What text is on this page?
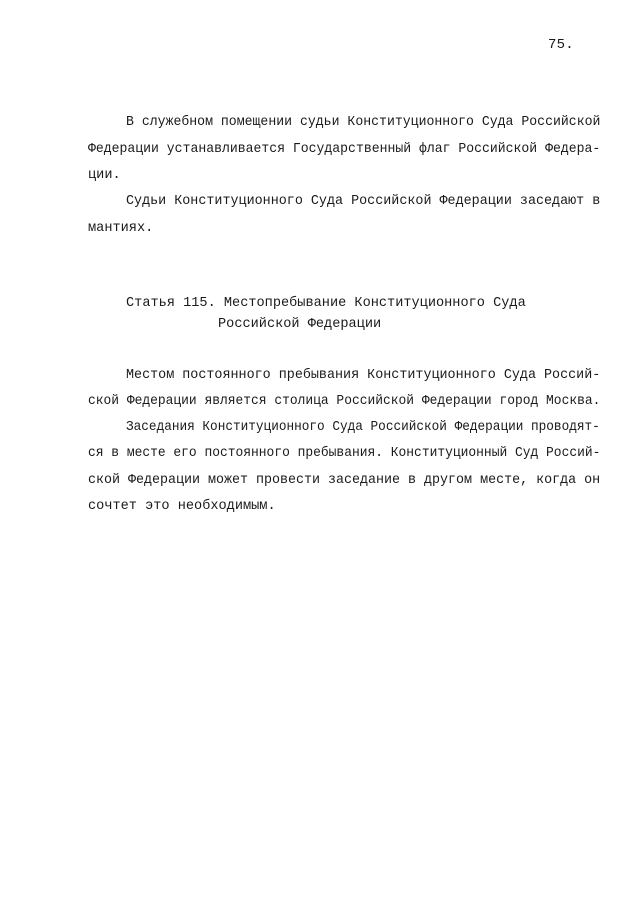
75.
В служебном помещении судьи Конституционного Суда Российской
Федерации устанавливается Государственный флаг Российской Федера-
ции.
Судьи Конституционного Суда Российской Федерации заседают в
мантиях.
Статья 115. Местопребывание Конституционного Суда
Российской Федерации
Местом постоянного пребывания Конституционного Суда Россий-
ской Федерации является столица Российской Федерации город Москва.
Заседания Конституционного Суда Российской Федерации проводят-
ся в месте его постоянного пребывания. Конституционный Суд Россий-
ской Федерации может провести заседание в другом месте, когда он
сочтет это необходимым.
